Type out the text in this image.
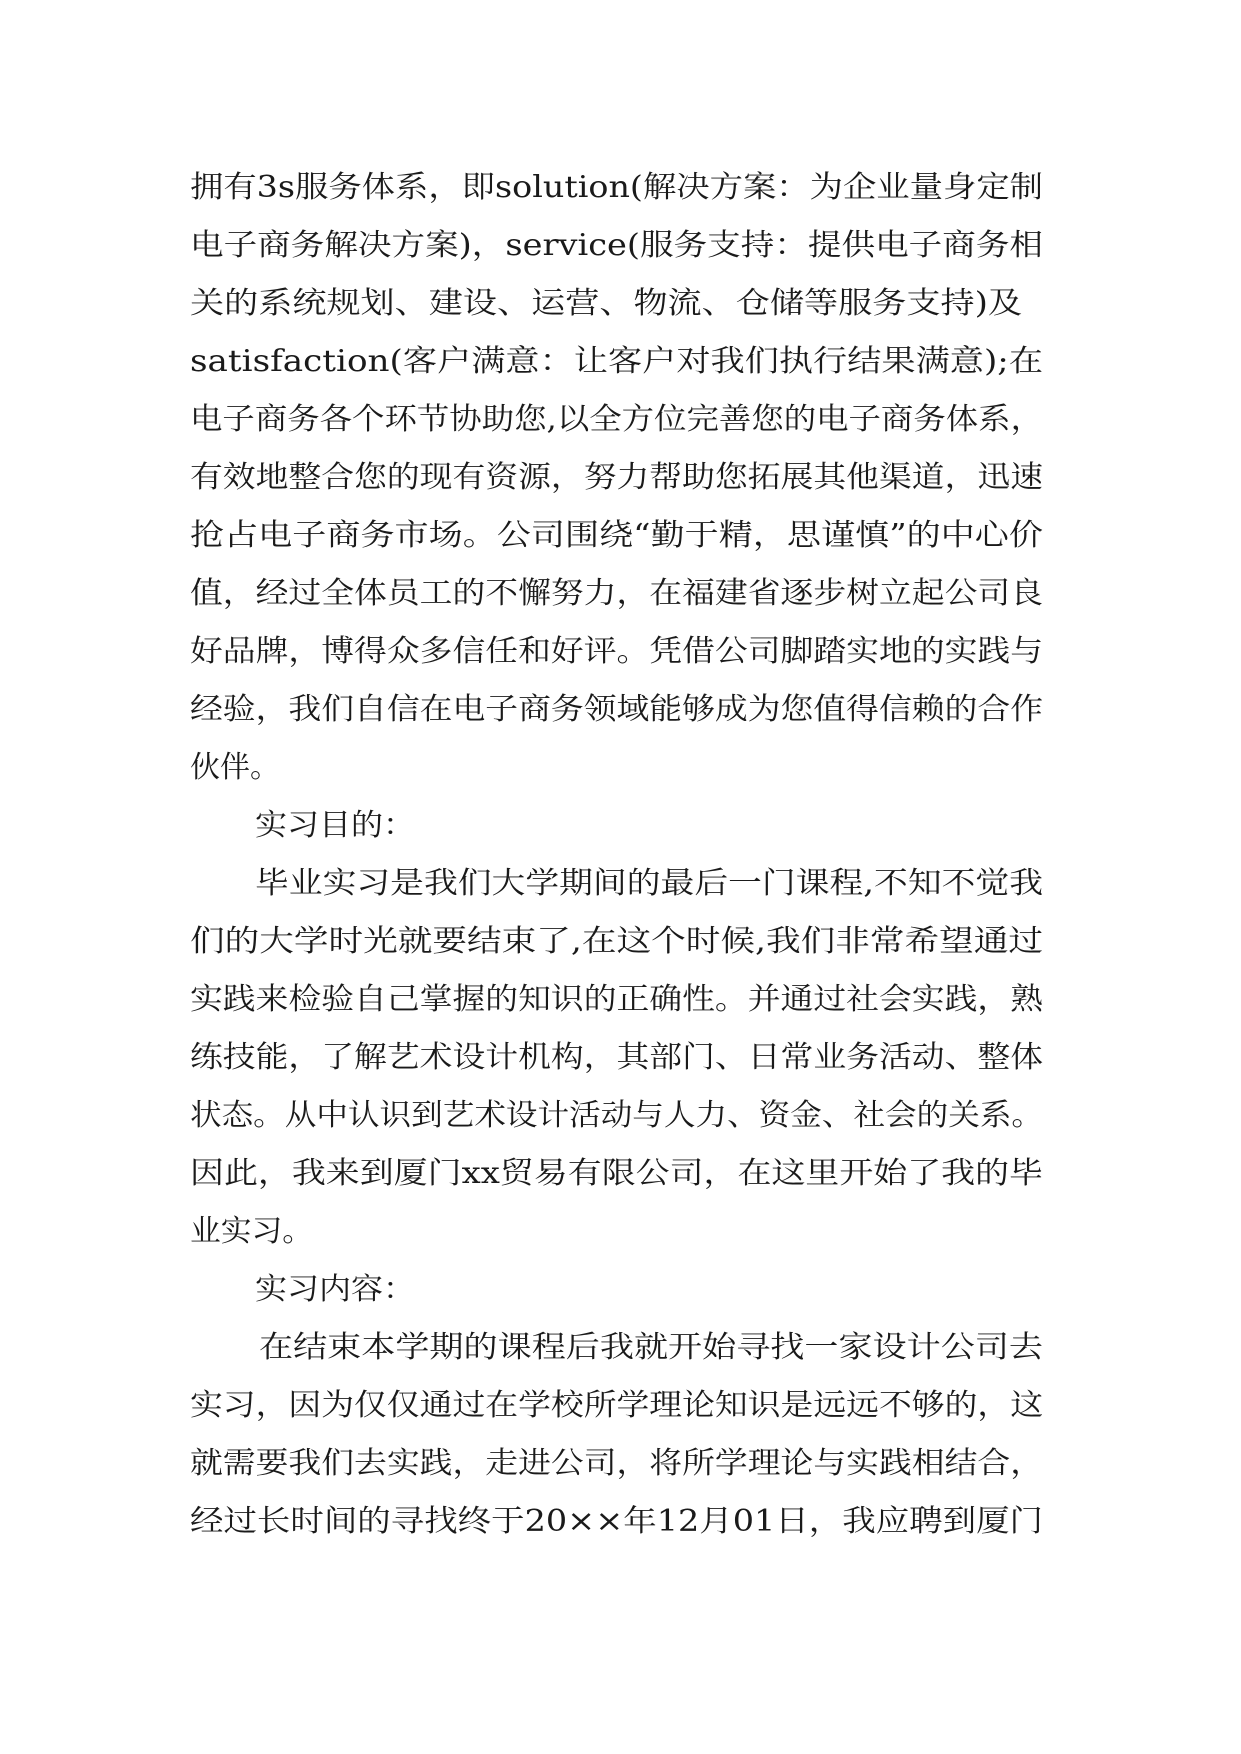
拥有3s服务体系，即solution(解决方案：为企业量身定制
电子商务解决方案)，service(服务支持：提供电子商务相
关的系统规划、建设、运营、物流、仓储等服务支持)及
satisfaction(客户满意：让客户对我们执行结果满意);在
电子商务各个环节协助您,以全方位完善您的电子商务体系，
有效地整合您的现有资源，努力帮助您拓展其他渠道，迅速
抢占电子商务市场。公司围绕“勤于精，思谨慎”的中心价
值，经过全体员工的不懈努力，在福建省逐步树立起公司良
好品牌，博得众多信任和好评。凭借公司脚踏实地的实践与
经验，我们自信在电子商务领域能够成为您值得信赖的合作
伙伴。
实习目的：
毕业实习是我们大学期间的最后一门课程,不知不觉我
们的大学时光就要结束了,在这个时候,我们非常希望通过
实践来检验自己掌握的知识的正确性。并通过社会实践，熟
练技能，了解艺术设计机构，其部门、日常业务活动、整体
状态。从中认识到艺术设计活动与人力、资金、社会的关系。
因此，我来到厦门xx贸易有限公司，在这里开始了我的毕
业实习。
实习内容：
在结束本学期的课程后我就开始寻找一家设计公司去
实习，因为仅仅通过在学校所学理论知识是远远不够的，这
就需要我们去实践，走进公司，将所学理论与实践相结合，
经过长时间的寻找终于20××年12月01日，我应聘到厦门
